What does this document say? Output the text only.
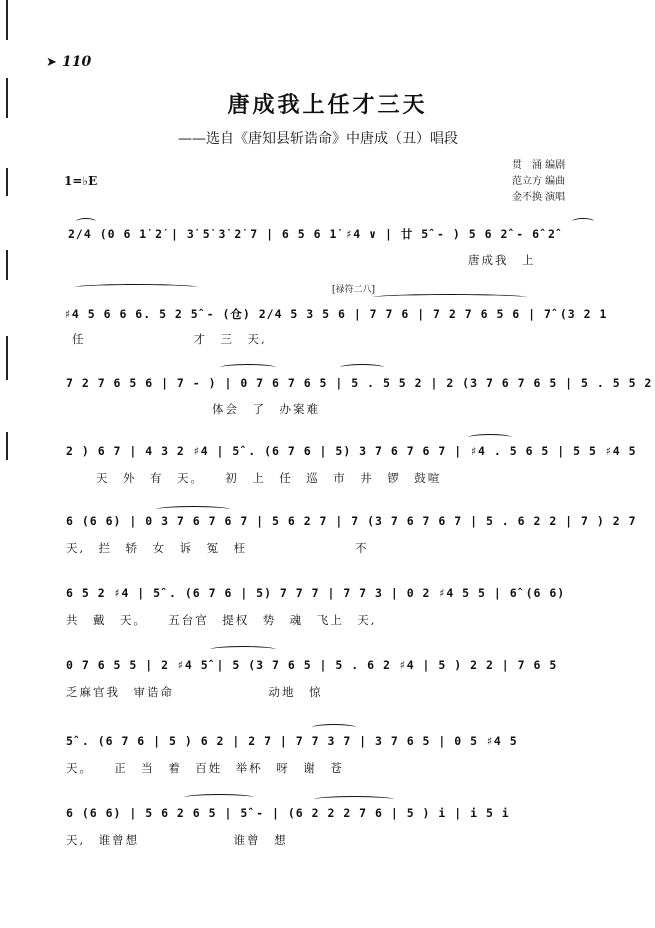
➤ 110
唐成我上任才三天
——选自《唐知县斩诰命》中唐成（丑）唱段
贯　涌 编剧
范立方 编曲
金不换 演唱
1=♭E
2/4 (0 6 1̇ 2̇ | 3̇ 5̇ 3̇ 2̇ 7 | 6 5 6 1̇ ♯4 ∨ | 廿 5̂ - ) 5 6 2̂ - 6̂ 2̂
唐成我　上
[禄符二八]
♯4 5 6 6 6. 5 2 5̂ - (仓) 2/4 5 3 5 6 | 7 7 6 | 7 2 7 6 5 6 | 7̂ (3 2 1
任　　　　　　　　才　三　天,
7 2 7 6 5 6 | 7 - ) | 0 7 6 7 6 5 | 5 . 5 5 2 | 2 (3 7 6 7 6 5 | 5 . 5 5 2
体会　了　办案难
2 ) 6 7 | 4 3 2 ♯4 | 5̂ . (6 7 6 | 5) 3 7 6 7 6 7 | ♯4 . 5 6 5 | 5 5 ♯4 5
天　外　有　天。　　初　上　任　巡　市　井　锣　鼓喧
6 (6 6) | 0 3 7 6 7 6 7 | 5 6 2 7 | 7 (3 7 6 7 6 7 | 5 . 6 2 2 | 7 ) 2 7
天,　拦　轿　女　诉　冤　枉　　　　　　　　不
6 5 2 ♯4 | 5̂ . (6 7 6 | 5) 7 7 7 | 7 7 3 | 0 2 ♯4 5 5 | 6̂ (6 6)
共　戴　天。　　五台官　提权　势　魂　飞上　天,
0 7 6 5 5 | 2 ♯4 5̂ | 5 (3 7 6 5 | 5 . 6 2 ♯4 | 5 ) 2 2 | 7 6 5
乏麻官我　审诰命　　　　　　　动地　惊
5̂ . (6 7 6 | 5 ) 6 2 | 2 7 | 7 7 3 7 | 3 7 6 5 | 0 5 ♯4 5
天。　　正　当　着　百姓　举杯　呀　谢　苍
6 (6 6) | 5 6 2 6 5 | 5̂ - | (6 2 2 2 7 6 | 5 ) i | i 5 i
天,　谁曾想　　　　　　　谁曾　想
